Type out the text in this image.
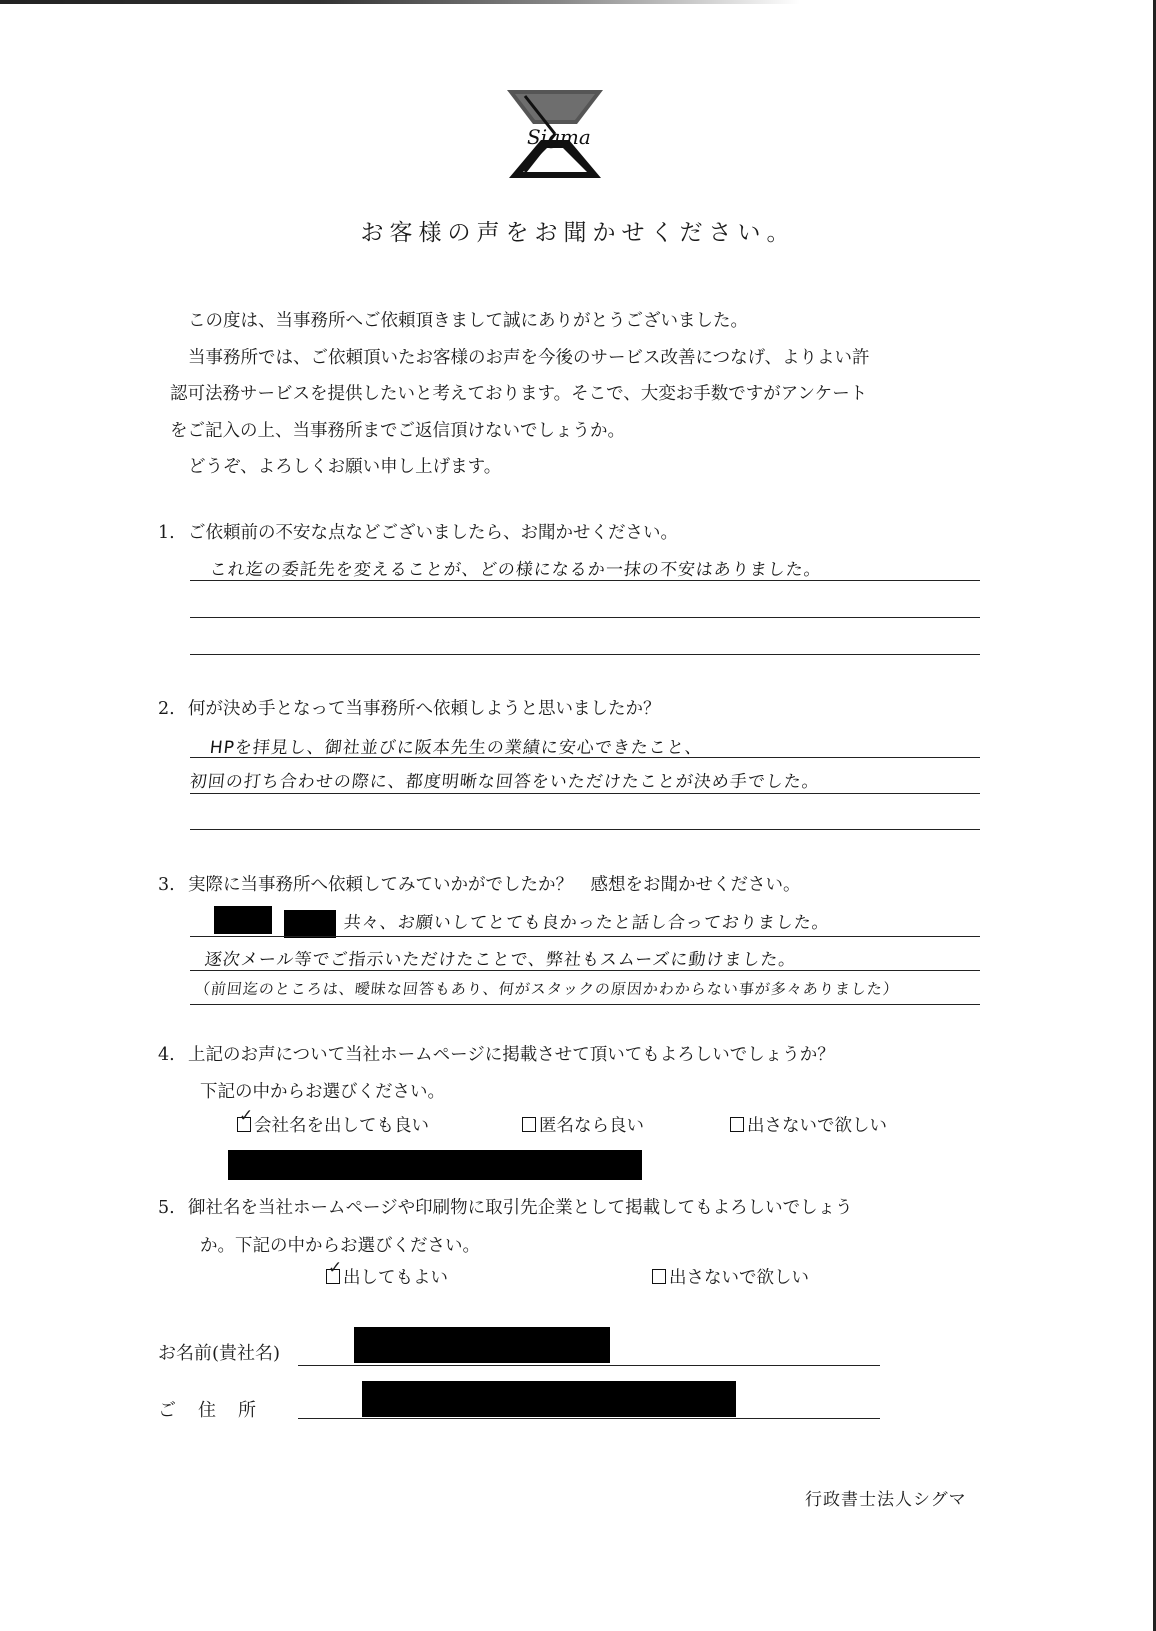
Sigma
お客様の声をお聞かせください。

この度は、当事務所へご依頼頂きまして誠にありがとうございました。

当事務所では、ご依頼頂いたお客様のお声を今後のサービス改善につなげ、よりよい許

認可法務サービスを提供したいと考えております。そこで、大変お手数ですがアンケート

をご記入の上、当事務所までご返信頂けないでしょうか。

どうぞ、よろしくお願い申し上げます。

1. ご依頼前の不安な点などございましたら、お聞かせください。
これ迄の委託先を変えることが、どの様になるか一抹の不安はありました。
2. 何が決め手となって当事務所へ依頼しようと思いましたか？
HPを拝見し、御社並びに阪本先生の業績に安心できたこと、
初回の打ち合わせの際に、都度明晰な回答をいただけたことが決め手でした。
3. 実際に当事務所へ依頼してみていかがでしたか？　感想をお聞かせください。
共々、お願いしてとても良かったと話し合っておりました。
逐次メール等でご指示いただけたことで、弊社もスムーズに動けました。
（前回迄のところは、曖昧な回答もあり、何がスタックの原因かわからない事が多々ありました）
4. 上記のお声について当社ホームページに掲載させて頂いてもよろしいでしょうか？
下記の中からお選びください。
✓会社名を出しても良い	匿名なら良い	出さないで欲しい
5. 御社名を当社ホームページや印刷物に取引先企業として掲載してもよろしいでしょう
か。下記の中からお選びください。
✓出してもよい	出さないで欲しい
お名前(貴社名)
ご　住　所
行政書士法人シグマ
